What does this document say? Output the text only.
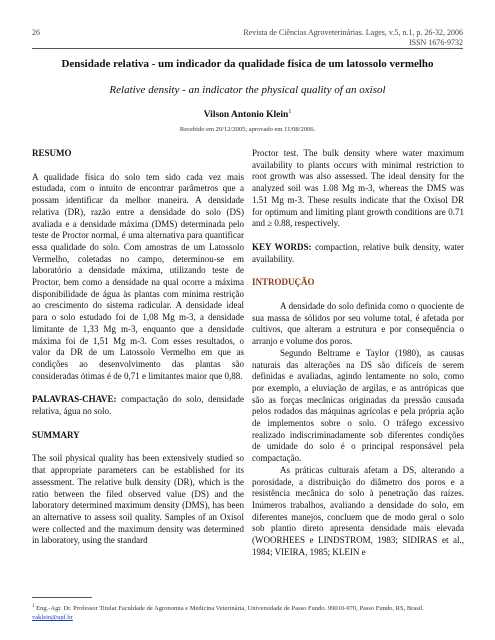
26	Revista de Ciências Agroveterinárias. Lages, v.5, n.1, p. 26-32, 2006
ISSN 1676-9732
Densidade relativa - um indicador da qualidade física de um latossolo vermelho
Relative density - an indicator the physical quality of an oxisol
Vilson Antonio Klein$^1$
Recebido em 20/12/2005; aprovado em 11/08/2006.
RESUMO

A qualidade física do solo tem sido cada vez mais estudada, com o intuito de encontrar parâmetros que a possam identificar da melhor maneira. A densidade relativa (DR), razão entre a densidade do solo (DS) avaliada e a densidade máxima (DMS) determinada pelo teste de Proctor normal, é uma alternativa para quantificar essa qualidade do solo. Com amostras de um Latossolo Vermelho, coletadas no campo, determinou-se em laboratório a densidade máxima, utilizando teste de Proctor, bem como a densidade na qual ocorre a máxima disponibilidade de água às plantas com mínima restrição ao crescimento do sistema radicular. A densidade ideal para o solo estudado foi de 1,08 Mg m-3, a densidade limitante de 1,33 Mg m-3, enquanto que a densidade máxima foi de 1,51 Mg m-3. Com esses resultados, o valor da DR de um Latossolo Vermelho em que as condições ao desenvolvimento das plantas são consideradas ótimas é de 0,71 e limitantes maior que 0,88.

PALAVRAS-CHAVE: compactação do solo, densidade relativa, água no solo.

SUMMARY

The soil physical quality has been extensively studied so that appropriate parameters can be established for its assessment. The relative bulk density (DR), which is the ratio between the filed observed value (DS) and the laboratory determined maximum density (DMS), has been an alternative to assess soil quality. Samples of an Oxisol were collected and the maximum density was determined in laboratory, using the standard

Proctor test. The bulk density where water maximum availability to plants occurs with minimal restriction to root growth was also assessed. The ideal density for the analyzed soil was 1.08 Mg m-3, whereas the DMS was 1.51 Mg m-3. These results indicate that the Oxisol DR for optimum and limiting plant growth conditions are 0.71 and ≥ 0.88, respectively.

KEY WORDS: compaction, relative bulk density, water availability.

INTRODUÇÃO

A densidade do solo definida como o quociente de sua massa de sólidos por seu volume total, é afetada por cultivos, que alteram a estrutura e por consequência o arranjo e volume dos poros.

Segundo Beltrame e Taylor (1980), as causas naturais das alterações na DS são difíceis de serem definidas e avaliadas, agindo lentamente no solo, como por exemplo, a eluviação de argilas, e as antrópicas que são as forças mecânicas originadas da pressão causada pelos rodados das máquinas agrícolas e pela própria ação de implementos sobre o solo. O tráfego excessivo realizado indiscriminadamente sob diferentes condições de umidade do solo é o principal responsável pela compactação.

As práticas culturais afetam a DS, alterando a porosidade, a distribuição do diâmetro dos poros e a resistência mecânica do solo à penetração das raízes. Inúmeros trabalhos, avaliando a densidade do solo, em diferentes manejos, concluem que de modo geral o solo sob plantio direto apresenta densidade mais elevada (WOORHEES e LINDSTROM, 1983; SIDIRAS et al., 1984; VIEIRA, 1985; KLEIN e

$^1$ Eng.-Agr. Dr. Professor Titular Faculdade de Agronomia e Medicina Veterinária, Universidade de Passo Fundo. 99010-970, Passo Fundo, RS, Brasil. vaklein@upf.br
